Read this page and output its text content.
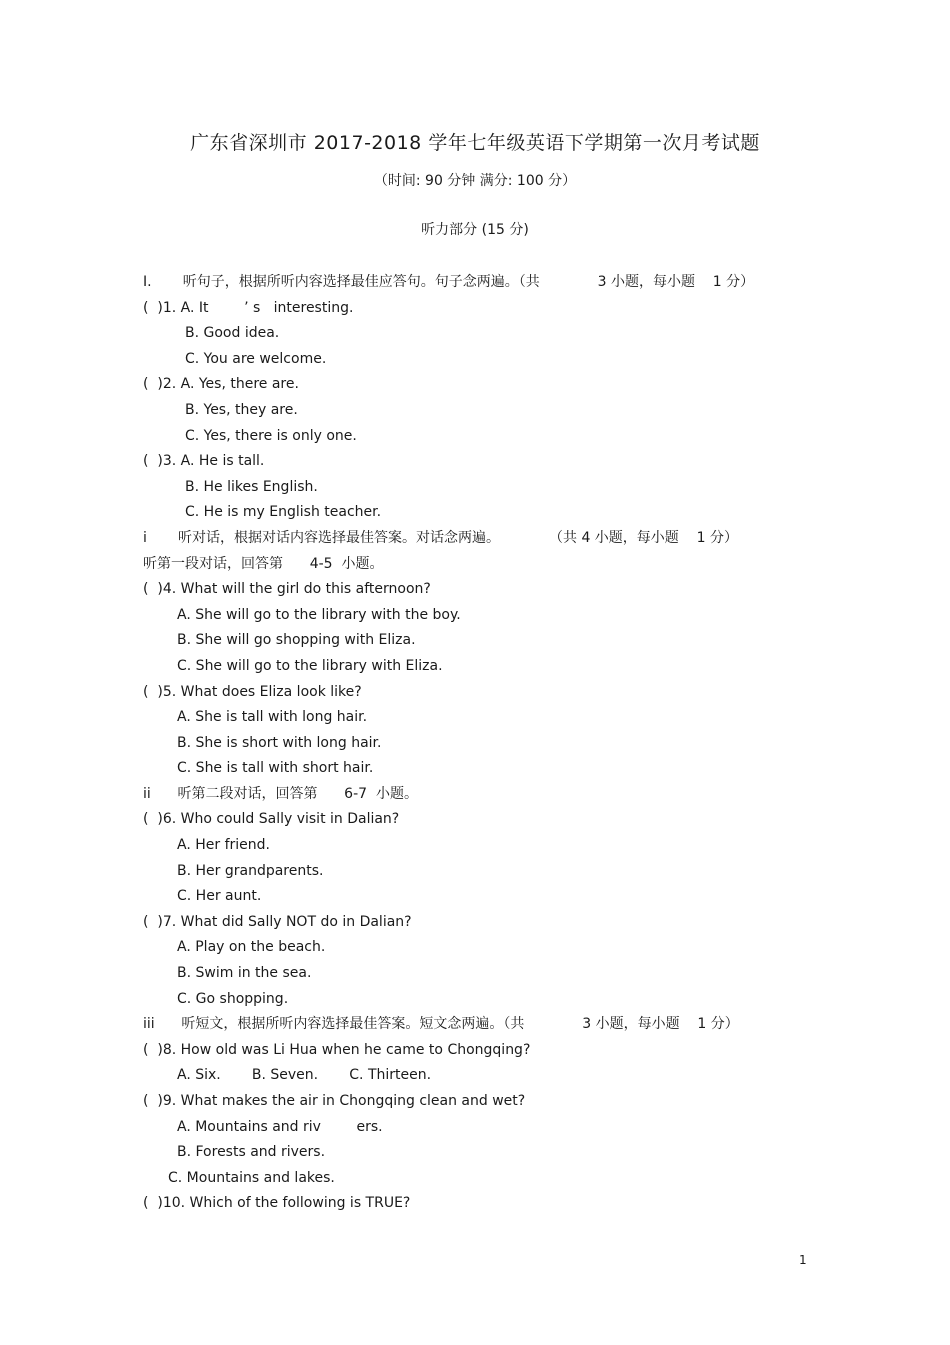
广东省深圳市 2017-2018 学年七年级英语下学期第一次月考试题
（时间: 90 分钟 满分: 100 分）
听力部分 (15 分)
I.       听句子，根据所听内容选择最佳应答句。句子念两遍。（共             3 小题，每小题    1 分）
(  )1. A. It        ’ s   interesting.
B. Good idea.
C. You are welcome.
(  )2. A. Yes, there are.
B. Yes, they are.
C. Yes, there is only one.
(  )3. A. He is tall.
B. He likes English.
C. He is my English teacher.
i       听对话，根据对话内容选择最佳答案。对话念两遍。           （共 4 小题，每小题    1 分）
听第一段对话，回答第      4-5  小题。
(  )4. What will the girl do this afternoon?
A. She will go to the library with the boy.
B. She will go shopping with Eliza.
C. She will go to the library with Eliza.
(  )5. What does Eliza look like?
A. She is tall with long hair.
B. She is short with long hair.
C. She is tall with short hair.
ii      听第二段对话，回答第      6-7  小题。
(  )6. Who could Sally visit in Dalian?
A. Her friend.
B. Her grandparents.
C. Her aunt.
(  )7. What did Sally NOT do in Dalian?
A. Play on the beach.
B. Swim in the sea.
C. Go shopping.
iii      听短文，根据所听内容选择最佳答案。短文念两遍。（共             3 小题，每小题    1 分）
(  )8. How old was Li Hua when he came to Chongqing?
A. Six.       B. Seven.       C. Thirteen.
(  )9. What makes the air in Chongqing clean and wet?
A. Mountains and riv        ers.
B. Forests and rivers.
C. Mountains and lakes.
(  )10. Which of the following is TRUE?
1
